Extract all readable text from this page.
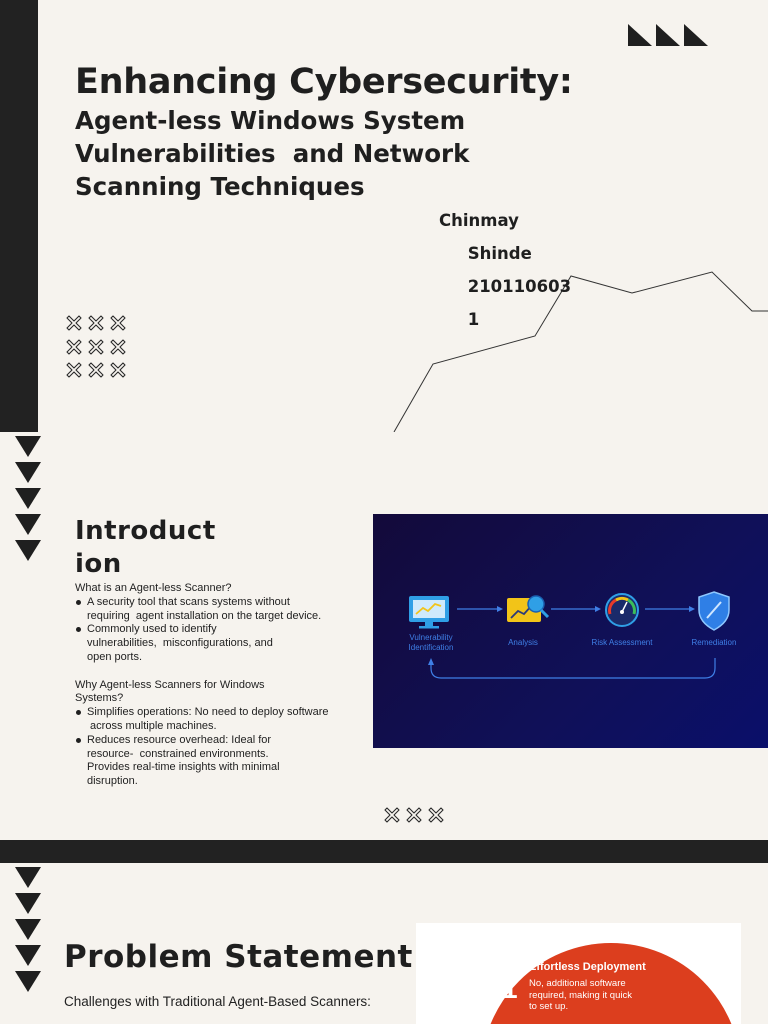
Enhancing Cybersecurity:
Agent-less Windows System
Vulnerabilities  and Network
Scanning Techniques
Chinmay
Shinde
210110603
1
Introduct
ion
What is an Agent-less Scanner?
A security tool that scans systems without
requiring  agent installation on the target device.
Commonly used to identify
vulnerabilities,  misconfigurations, and
open ports.
Why Agent-less Scanners for Windows
Systems?
Simplifies operations: No need to deploy software
across multiple machines.
Reduces resource overhead: Ideal for
resource-  constrained environments.
Provides real-time insights with minimal
disruption.
Vulnerability
Identification
Analysis	Risk Assessment	Remediation
Problem Statement
Challenges with Traditional Agent-Based Scanners:	1
Effortless Deployment
No, additional software
required, making it quick
to set up.
